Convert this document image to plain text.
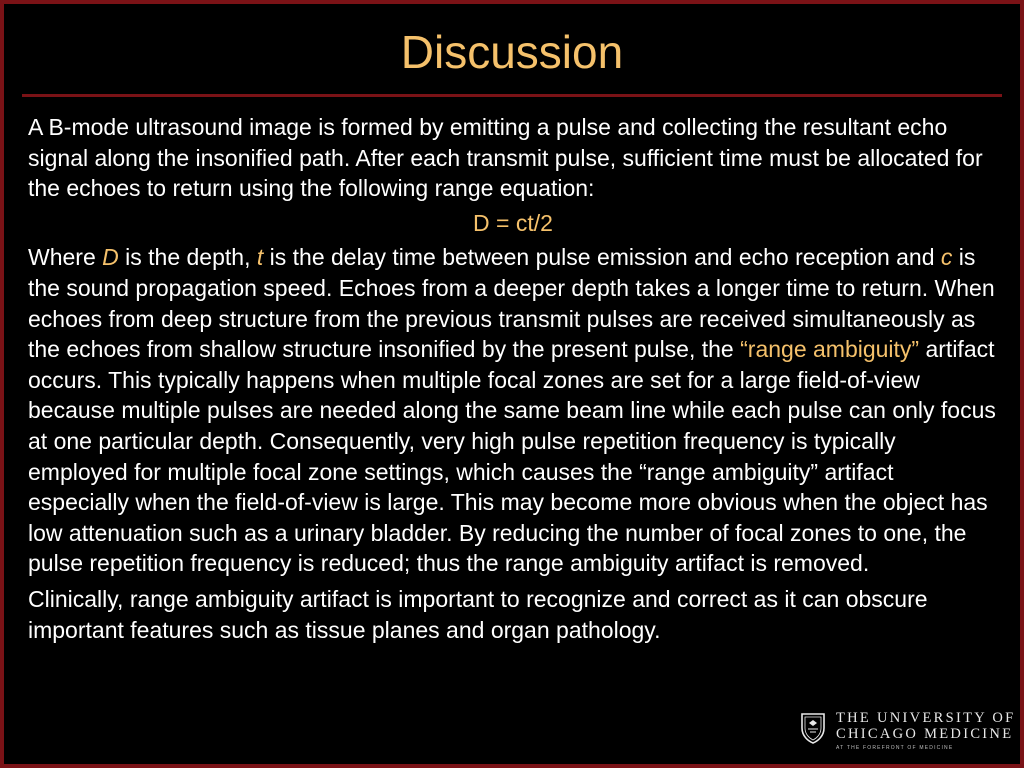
Discussion

A B-mode ultrasound image is formed by emitting a pulse and collecting the resultant echo signal along the insonified path. After each transmit pulse, sufficient time must be allocated for the echoes to return using the following range equation:

D = ct/2

Where D is the depth, t is the delay time between pulse emission and echo reception and c is the sound propagation speed. Echoes from a deeper depth takes a longer time to return. When echoes from deep structure from the previous transmit pulses are received simultaneously as the echoes from shallow structure insonified by the present pulse, the “range ambiguity” artifact occurs. This typically happens when multiple focal zones are set for a large field-of-view because multiple pulses are needed along the same beam line while each pulse can only focus at one particular depth. Consequently, very high pulse repetition frequency is typically employed for multiple focal zone settings, which causes the “range ambiguity” artifact especially when the field-of-view is large. This may become more obvious when the object has low attenuation such as a urinary bladder. By reducing the number of focal zones to one, the pulse repetition frequency is reduced; thus the range ambiguity artifact is removed.

Clinically, range ambiguity artifact is important to recognize and correct as it can obscure important features such as tissue planes and organ pathology.

THE UNIVERSITY OF
CHICAGO MEDICINE
AT THE FOREFRONT OF MEDICINE
